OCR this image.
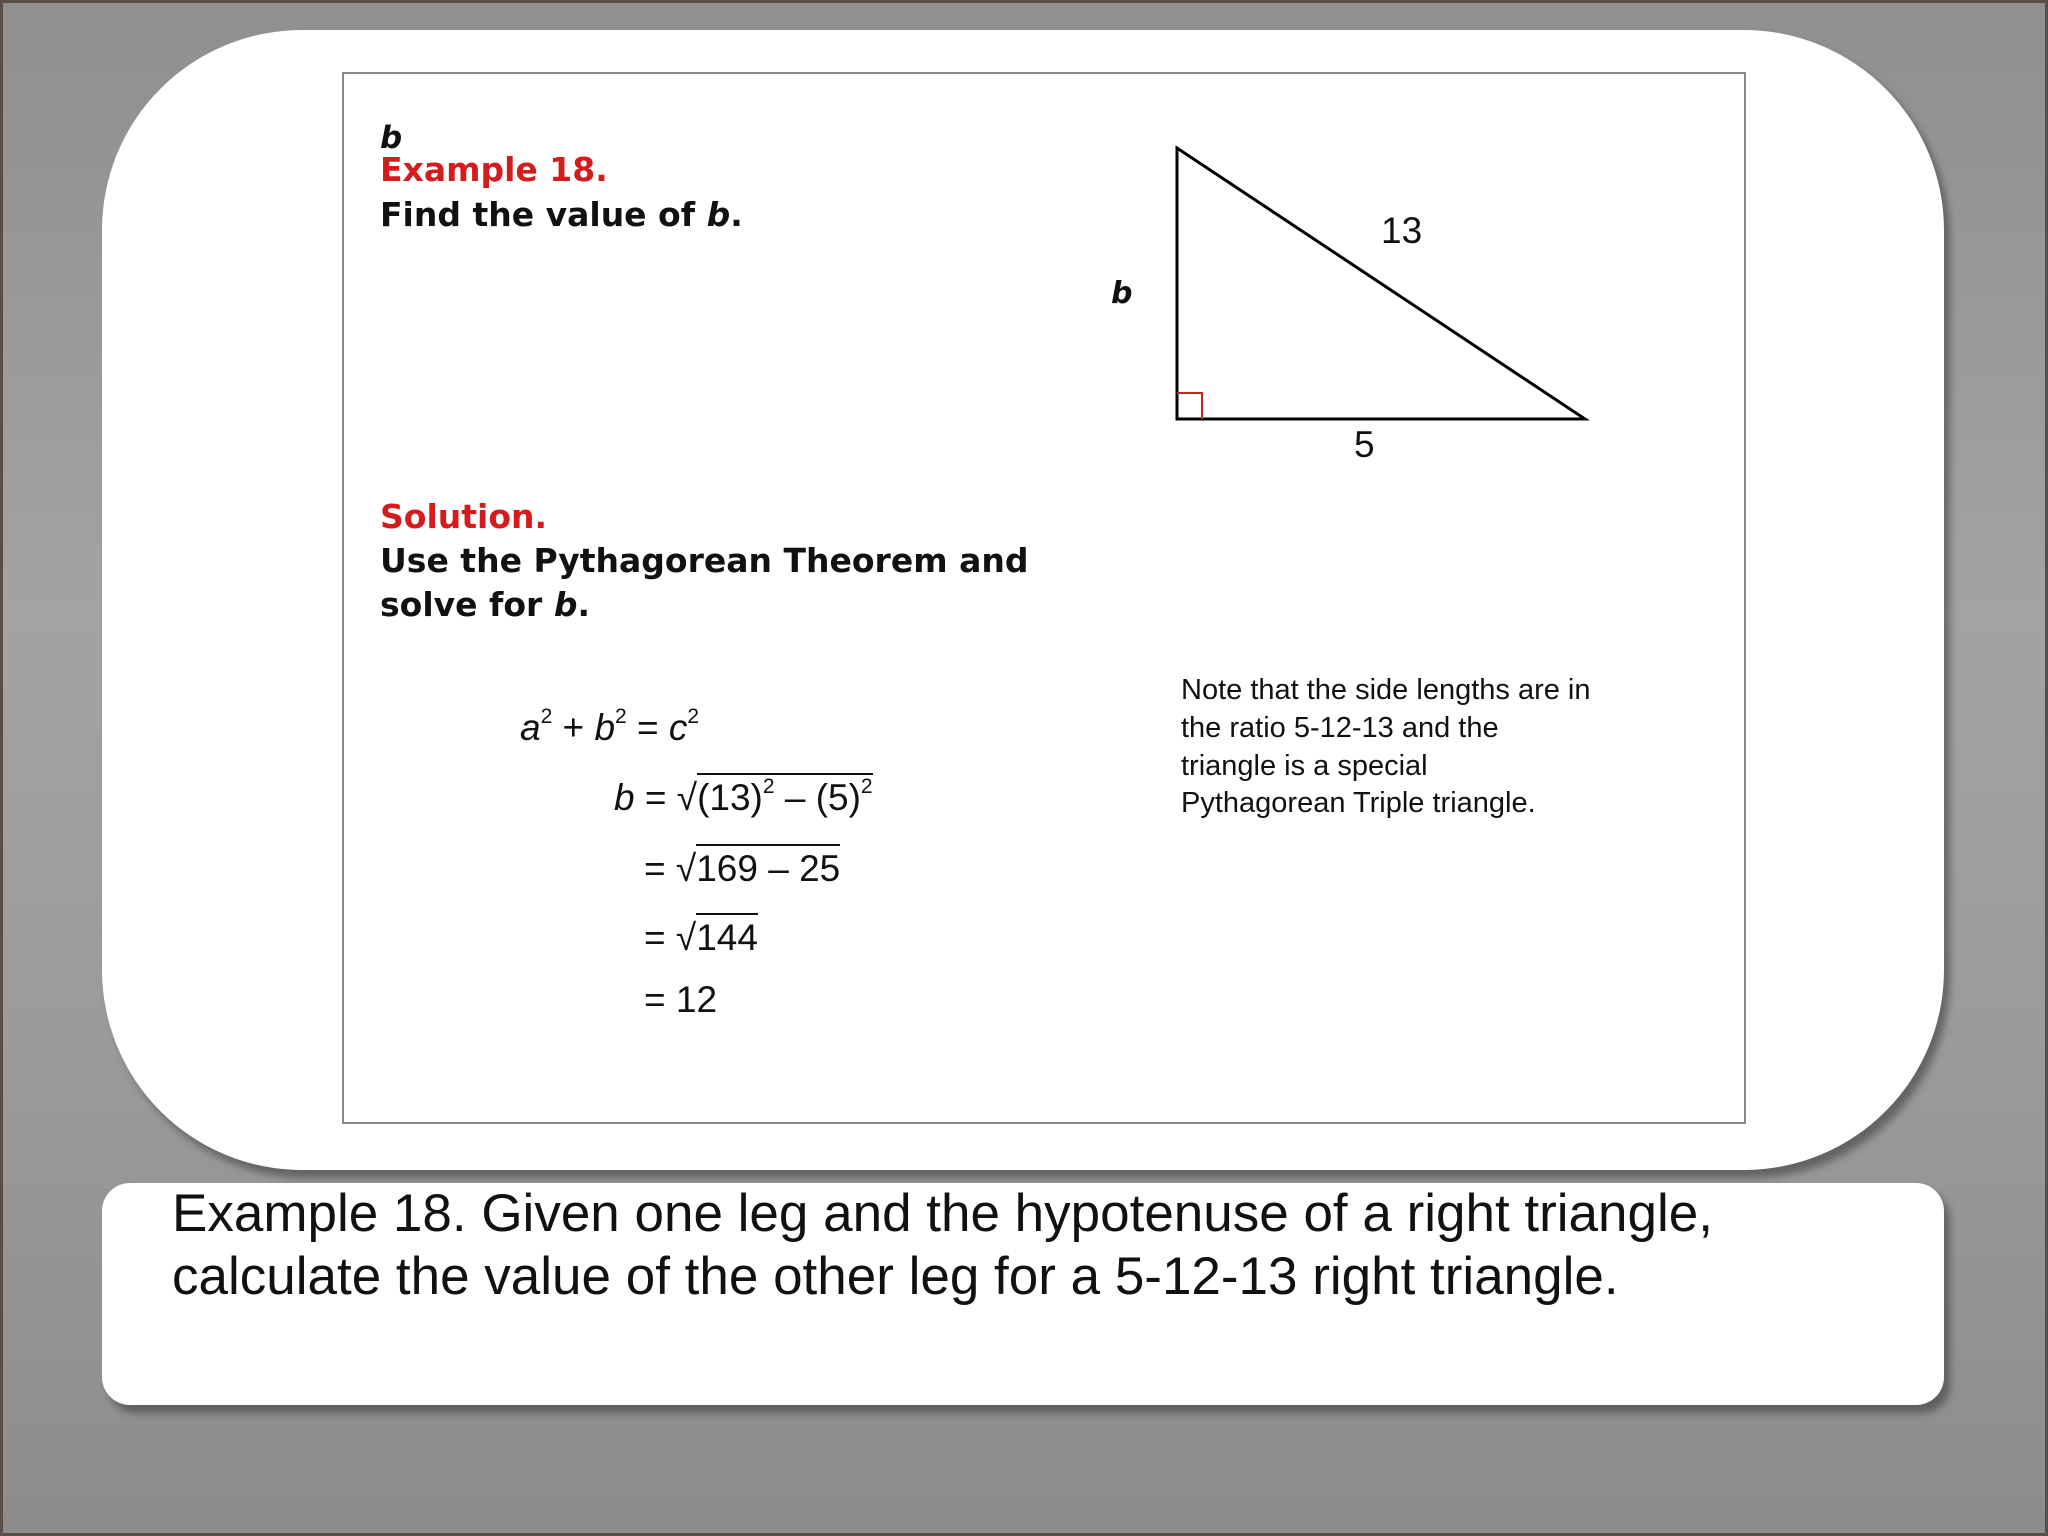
b
Example 18.
Find the value of b.
Solution.
Use the Pythagorean Theorem and
solve for b.
$a^2 + b^2 = c^2$
$b = √(13)^2 - (5)^2$
= √169 – 25
= √144
= 12
13
b
5
Note that the side lengths are in
the ratio 5-12-13 and the
triangle is a special
Pythagorean Triple triangle.
Example 18. Given one leg and the hypotenuse of a right triangle,
calculate the value of the other leg for a 5-12-13 right triangle.
